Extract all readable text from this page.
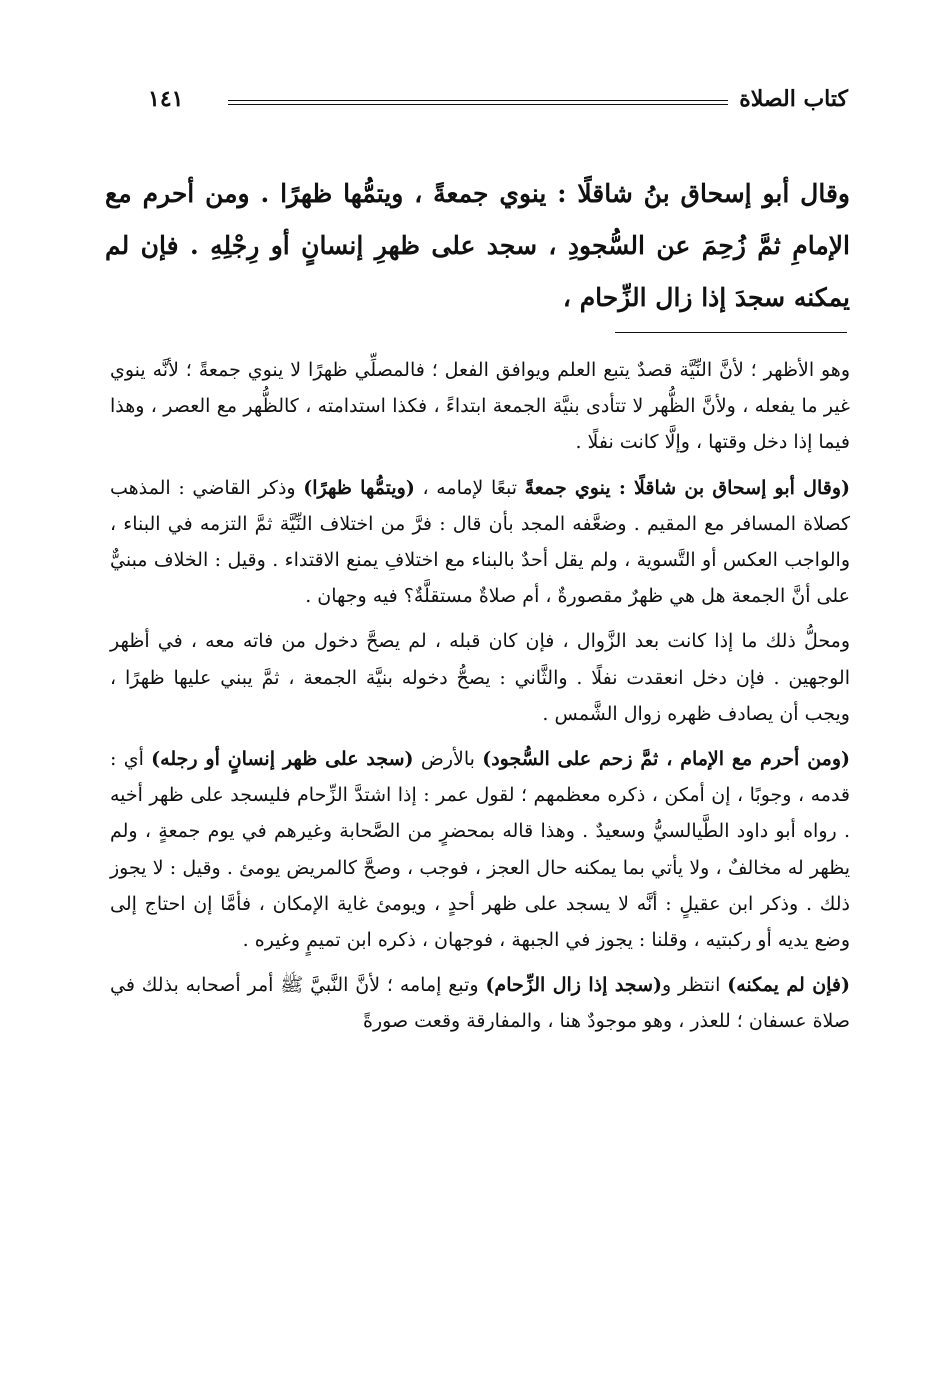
كتاب الصلاة
١٤١
وقال أبو إسحاق بنُ شاقلًا : ينوي جمعةً ، ويتمُّها ظهرًا . ومن أحرم مع الإمامِ ثمَّ زُحِمَ عن السُّجودِ ، سجد على ظهرِ إنسانٍ أو رِجْلِهِ . فإن لم يمكنه سجدَ إذا زال الزِّحام ،

وهو الأظهر ؛ لأنَّ النِّيَّة قصدٌ يتبع العلم ويوافق الفعل ؛ فالمصلِّي ظهرًا لا ينوي جمعةً ؛ لأنَّه ينوي غير ما يفعله ، ولأنَّ الظُّهر لا تتأدى بنيَّة الجمعة ابتداءً ، فكذا استدامته ، كالظُّهر مع العصر ، وهذا فيما إذا دخل وقتها ، وإلَّا كانت نفلًا .

(وقال أبو إسحاق بن شاقلًا : ينوي جمعةً تبعًا لإمامه ، (ويتمُّها ظهرًا) وذكر القاضي : المذهب كصلاة المسافر مع المقيم . وضعَّفه المجد بأن قال : فرَّ من اختلاف النِّيَّة ثمَّ التزمه في البناء ، والواجب العكس أو التَّسوية ، ولم يقل أحدٌ بالبناء مع اختلافِ يمنع الاقتداء . وقيل : الخلاف مبنيٌّ على أنَّ الجمعة هل هي ظهرٌ مقصورةٌ ، أم صلاةٌ مستقلَّةٌ؟ فيه وجهان .

ومحلُّ ذلك ما إذا كانت بعد الزَّوال ، فإن كان قبله ، لم يصحَّ دخول من فاته معه ، في أظهر الوجهين . فإن دخل انعقدت نفلًا . والثَّاني : يصحُّ دخوله بنيَّة الجمعة ، ثمَّ يبني عليها ظهرًا ، ويجب أن يصادف ظهره زوال الشَّمس .

(ومن أحرم مع الإمام ، ثمَّ زحم على السُّجود) بالأرض (سجد على ظهر إنسانٍ أو رجله) أي : قدمه ، وجوبًا ، إن أمكن ، ذكره معظمهم ؛ لقول عمر : إذا اشتدَّ الزِّحام فليسجد على ظهر أخيه . رواه أبو داود الطَّيالسيُّ وسعيدٌ . وهذا قاله بمحضرٍ من الصَّحابة وغيرهم في يوم جمعةٍ ، ولم يظهر له مخالفٌ ، ولا يأتي بما يمكنه حال العجز ، فوجب ، وصحَّ كالمريض يومئ . وقيل : لا يجوز ذلك . وذكر ابن عقيلٍ : أنَّه لا يسجد على ظهر أحدٍ ، ويومئ غاية الإمكان ، فأمَّا إن احتاج إلى وضع يديه أو ركبتيه ، وقلنا : يجوز في الجبهة ، فوجهان ، ذكره ابن تميمٍ وغيره .

(فإن لم يمكنه) انتظر و(سجد إذا زال الزِّحام) وتبع إمامه ؛ لأنَّ النَّبيَّ ﷺ أمر أصحابه بذلك في صلاة عسفان ؛ للعذر ، وهو موجودٌ هنا ، والمفارقة وقعت صورةً
